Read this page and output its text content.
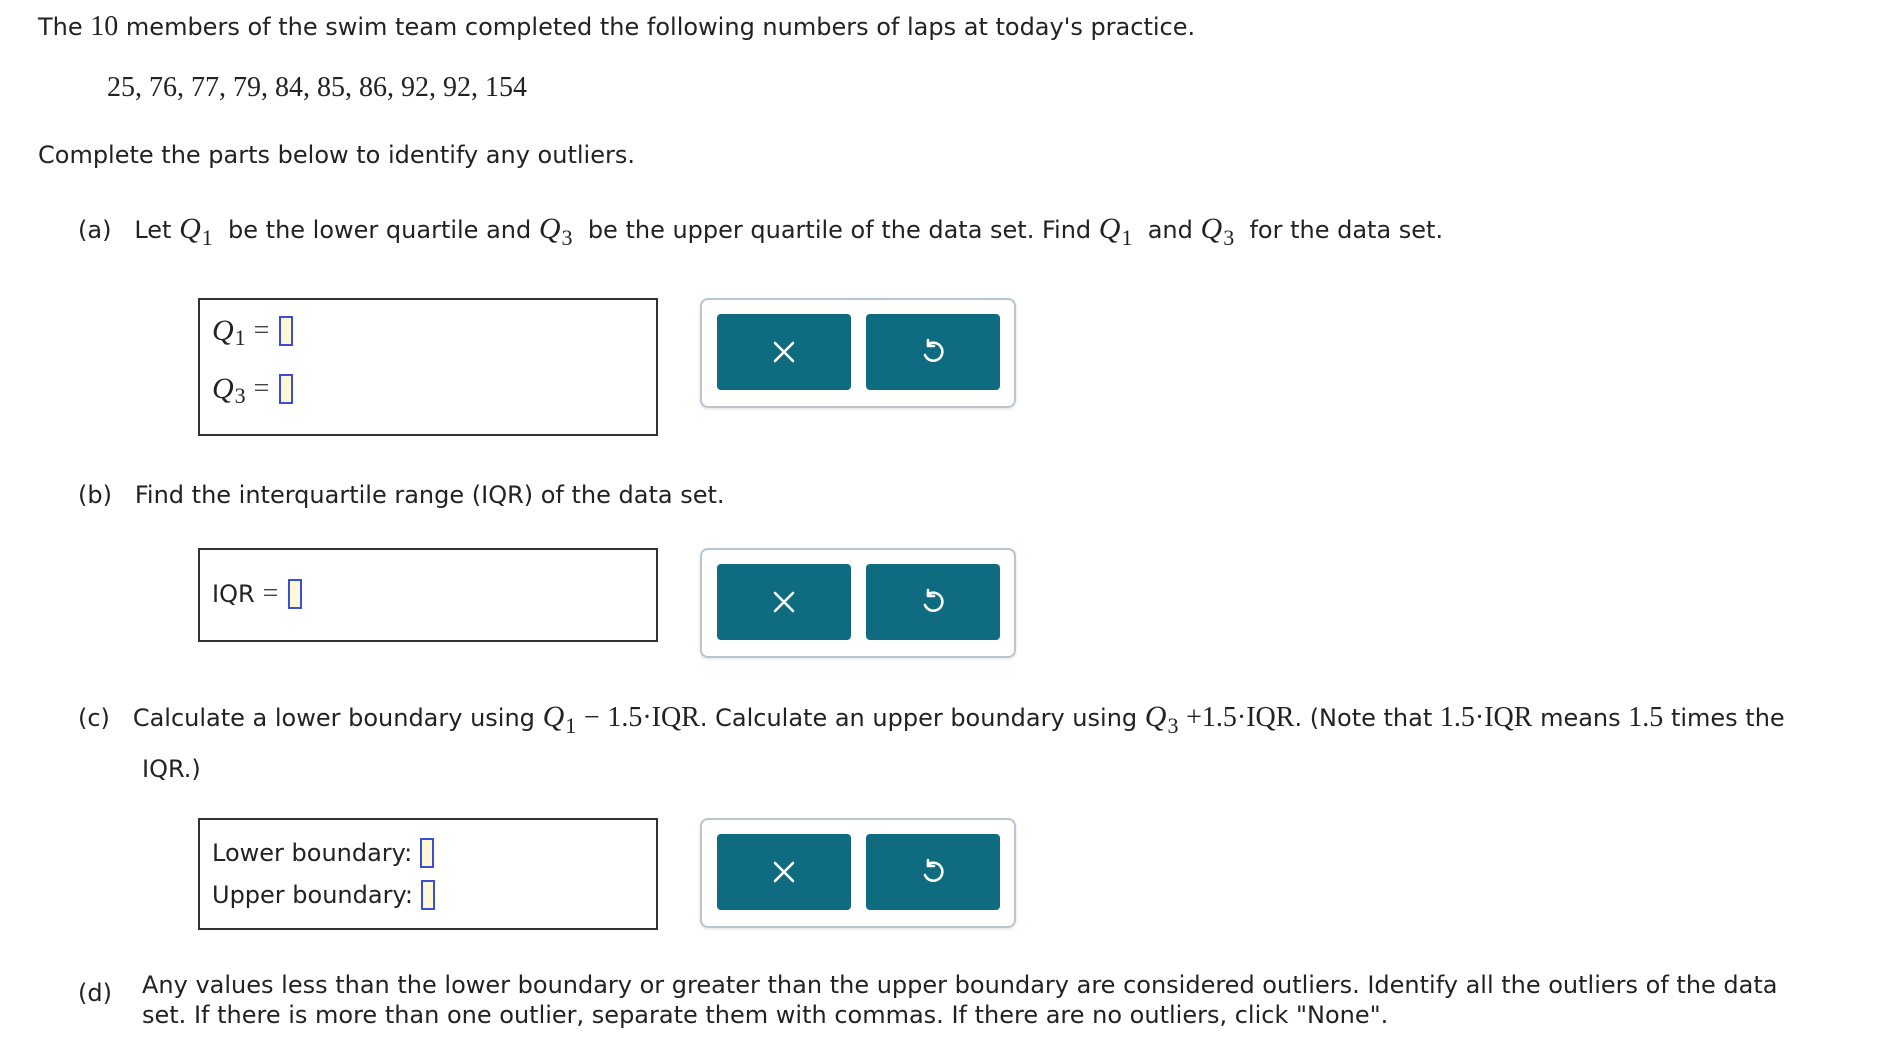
The 10 members of the swim team completed the following numbers of laps at today's practice.
25, 76, 77, 79, 84, 85, 86, 92, 92, 154
Complete the parts below to identify any outliers.
(a) Let Q1 be the lower quartile and Q3 be the upper quartile of the data set. Find Q1 and Q3 for the data set.
Q 1 =
Q 3 =
(b) Find the interquartile range (IQR) of the data set.
IQR =
(c) Calculate a lower boundary using Q1 − 1.5·IQR. Calculate an upper boundary using Q3 +1.5·IQR. (Note that 1.5·IQR means 1.5 times the
IQR.)
Lower boundary:

Upper boundary:

(d) Any values less than the lower boundary or greater than the upper boundary are considered outliers. Identify all the outliers of the data
set. If there is more than one outlier, separate them with commas. If there are no outliers, click "None".
